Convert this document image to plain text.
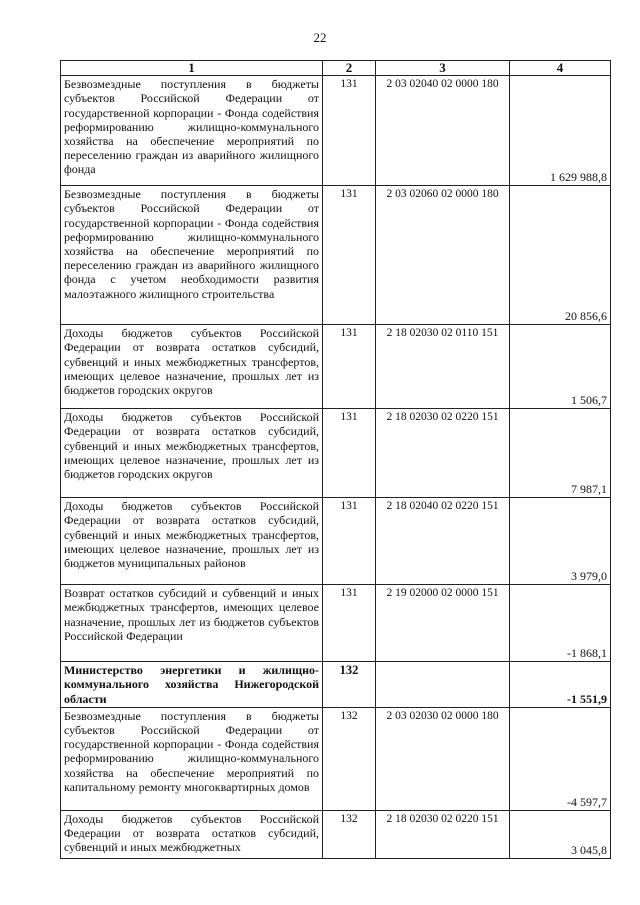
22
1	2	3	4
Безвозмездные поступления в бюджеты субъектов Российской Федерации от государственной корпорации - Фонда содействия реформированию жилищно-коммунального хозяйства на обеспечение мероприятий по переселению граждан из аварийного жилищного фонда	131	2 03 02040 02 0000 180	1 629 988,8
Безвозмездные поступления в бюджеты субъектов Российской Федерации от государственной корпорации - Фонда содействия реформированию жилищно-коммунального хозяйства на обеспечение мероприятий по переселению граждан из аварийного жилищного фонда с учетом необходимости развития малоэтажного жилищного строительства	131	2 03 02060 02 0000 180	20 856,6
Доходы бюджетов субъектов Российской Федерации от возврата остатков субсидий, субвенций и иных межбюджетных трансфертов, имеющих целевое назначение, прошлых лет из бюджетов городских округов	131	2 18 02030 02 0110 151	1 506,7
Доходы бюджетов субъектов Российской Федерации от возврата остатков субсидий, субвенций и иных межбюджетных трансфертов, имеющих целевое назначение, прошлых лет из бюджетов городских округов	131	2 18 02030 02 0220 151	7 987,1
Доходы бюджетов субъектов Российской Федерации от возврата остатков субсидий, субвенций и иных межбюджетных трансфертов, имеющих целевое назначение, прошлых лет из бюджетов муниципальных районов	131	2 18 02040 02 0220 151	3 979,0
Возврат остатков субсидий и субвенций и иных межбюджетных трансфертов, имеющих целевое назначение, прошлых лет из бюджетов субъектов Российской Федерации	131	2 19 02000 02 0000 151	-1 868,1
Министерство энергетики и жилищно-коммунального хозяйства Нижегородской области	132		-1 551,9
Безвозмездные поступления в бюджеты субъектов Российской Федерации от государственной корпорации - Фонда содействия реформированию жилищно-коммунального хозяйства на обеспечение мероприятий по капитальному ремонту многоквартирных домов	132	2 03 02030 02 0000 180	-4 597,7
Доходы бюджетов субъектов Российской Федерации от возврата остатков субсидий, субвенций и иных межбюджетных	132	2 18 02030 02 0220 151	3 045,8
